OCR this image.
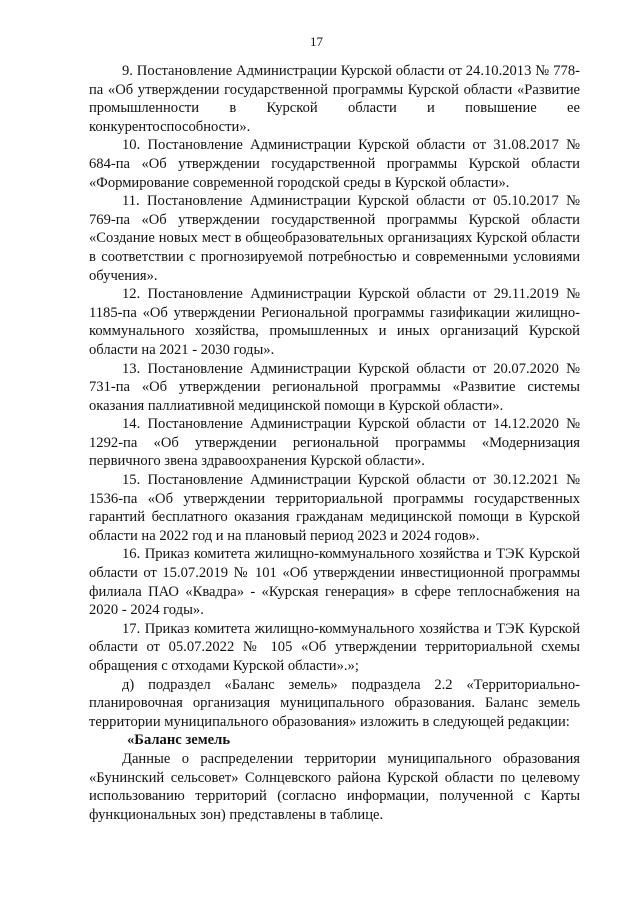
17

9. Постановление Администрации Курской области от 24.10.2013 № 778-па «Об утверждении государственной программы Курской области «Развитие промышленности в Курской области и повышение ее конкурентоспособности».

10. Постановление Администрации Курской области от 31.08.2017 № 684-па «Об утверждении государственной программы Курской области «Формирование современной городской среды в Курской области».

11. Постановление Администрации Курской области от 05.10.2017 № 769-па «Об утверждении государственной программы Курской области «Создание новых мест в общеобразовательных организациях Курской области в соответствии с прогнозируемой потребностью и современными условиями обучения».

12. Постановление Администрации Курской области от 29.11.2019 № 1185-па «Об утверждении Региональной программы газификации жилищно-коммунального хозяйства, промышленных и иных организаций Курской области на 2021 - 2030 годы».

13. Постановление Администрации Курской области от 20.07.2020 № 731-па «Об утверждении региональной программы «Развитие системы оказания паллиативной медицинской помощи в Курской области».

14. Постановление Администрации Курской области от 14.12.2020 № 1292-па «Об утверждении региональной программы «Модернизация первичного звена здравоохранения Курской области».

15. Постановление Администрации Курской области от 30.12.2021 № 1536-па «Об утверждении территориальной программы государственных гарантий бесплатного оказания гражданам медицинской помощи в Курской области на 2022 год и на плановый период 2023 и 2024 годов».

16. Приказ комитета жилищно-коммунального хозяйства и ТЭК Курской области от 15.07.2019 № 101 «Об утверждении инвестиционной программы филиала ПАО «Квадра» - «Курская генерация» в сфере теплоснабжения на 2020 - 2024 годы».

17. Приказ комитета жилищно-коммунального хозяйства и ТЭК Курской области от 05.07.2022 № 105 «Об утверждении территориальной схемы обращения с отходами Курской области».»;

д) подраздел «Баланс земель» подраздела 2.2 «Территориально-планировочная организация муниципального образования. Баланс земель территории муниципального образования» изложить в следующей редакции:

«Баланс земель

Данные о распределении территории муниципального образования «Бунинский сельсовет» Солнцевского района Курской области по целевому использованию территорий (согласно информации, полученной с Карты функциональных зон) представлены в таблице.
